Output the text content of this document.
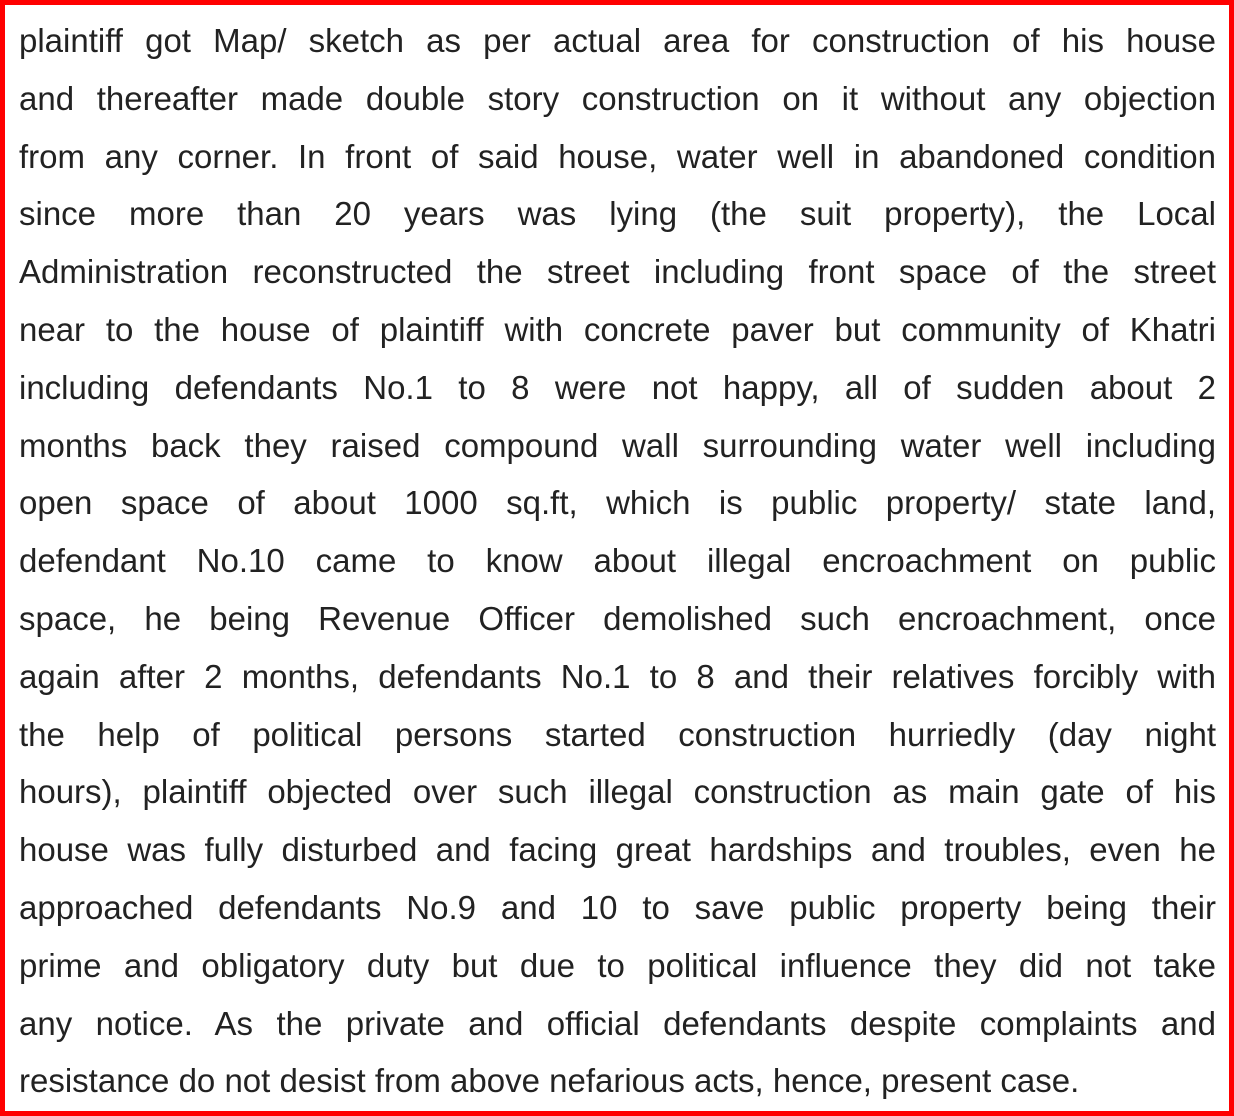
plaintiff got Map/ sketch as per actual area for construction of his house
and thereafter made double story construction on it without any objection
from any corner. In front of said house, water well in abandoned condition
since more than 20 years was lying (the suit property), the Local
Administration reconstructed the street including front space of the street
near to the house of plaintiff with concrete paver but community of Khatri
including defendants No.1 to 8 were not happy, all of sudden about 2
months back they raised compound wall surrounding water well including
open space of about 1000 sq.ft, which is public property/ state land,
defendant No.10 came to know about illegal encroachment on public
space, he being Revenue Officer demolished such encroachment, once
again after 2 months, defendants No.1 to 8 and their relatives forcibly with
the help of political persons started construction hurriedly (day night
hours), plaintiff objected over such illegal construction as main gate of his
house was fully disturbed and facing great hardships and troubles, even he
approached defendants No.9 and 10 to save public property being their
prime and obligatory duty but due to political influence they did not take
any notice. As the private and official defendants despite complaints and
resistance do not desist from above nefarious acts, hence, present case.
